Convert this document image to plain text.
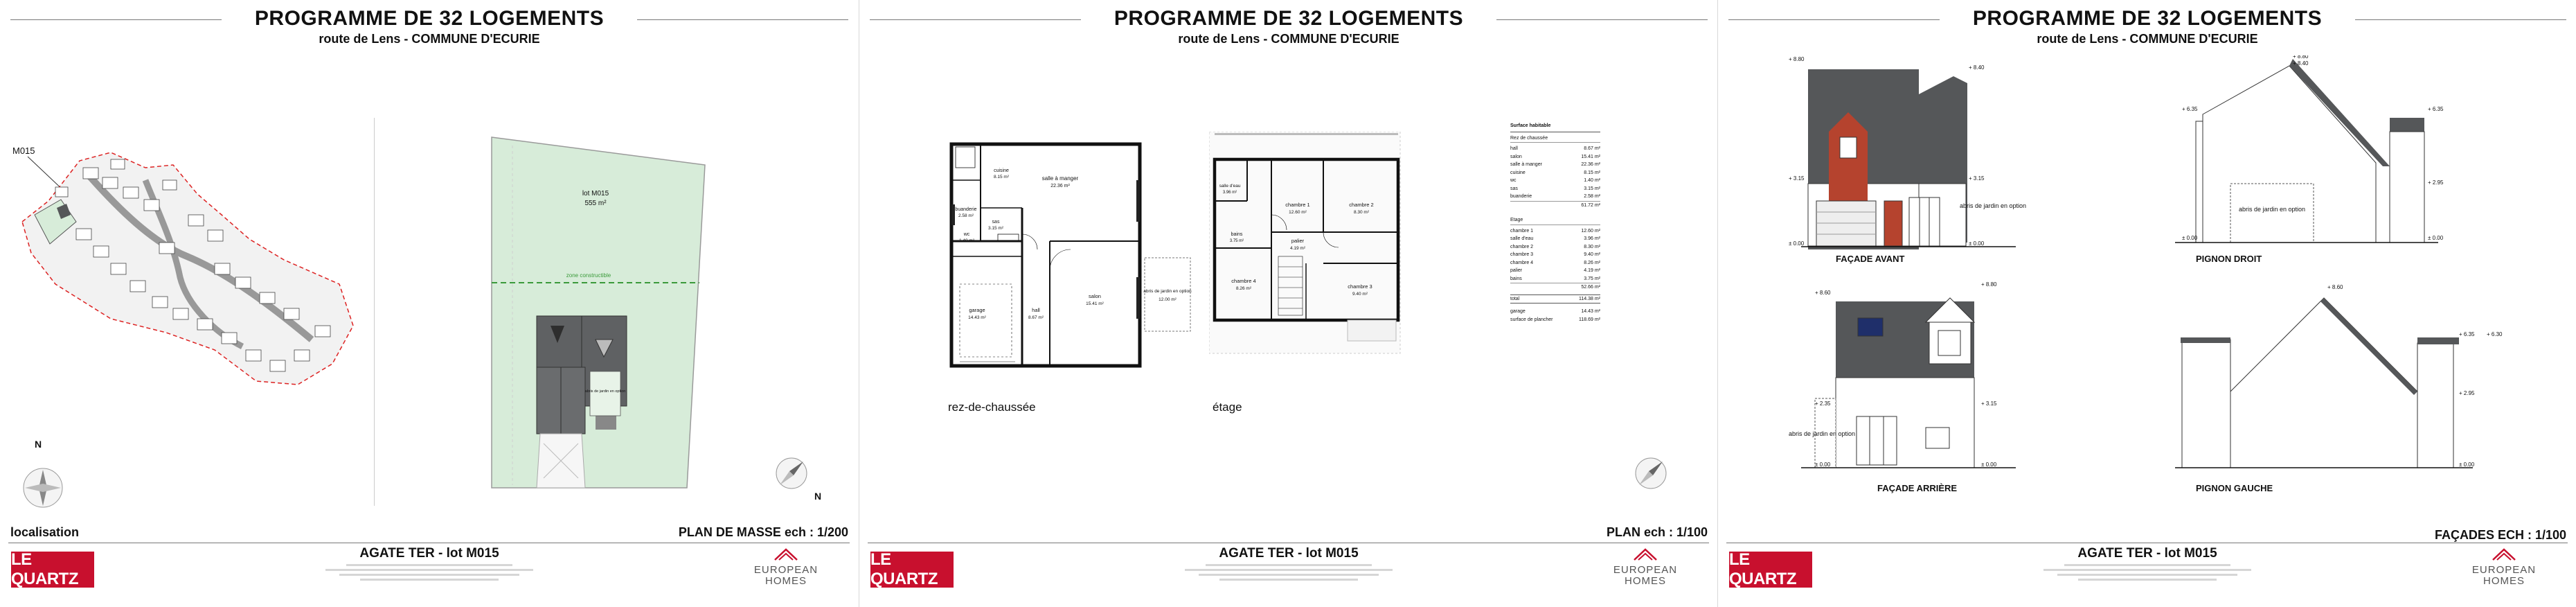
PROGRAMME DE 32 LOGEMENTS
route de Lens - COMMUNE D'ECURIE
M015
N
lot M015
555 m²
zone constructible
abris de jardin en option
N
localisation	PLAN DE MASSE ech : 1/200
LE QUARTZ
AGATE TER - lot M015
EUROPEAN
HOMES
PROGRAMME DE 32 LOGEMENTS
route de Lens - COMMUNE D'ECURIE
salle à manger
22.36 m²
cuisine
8.15 m²
buanderie
2.58 m²
sas
3.15 m²
wc
1.40 m²
garage
14.43 m²
hall
8.67 m²
salon
15.41 m²
abris de jardin en option
12.00 m²
rez-de-chaussée
salle d'eau
3.96 m²
chambre 1
12.60 m²
chambre 2
8.30 m²
bains
3.75 m²	palier
4.19 m²
chambre 4
8.26 m²	chambre 3
9.40 m²
étage
Surface habitable
Rez de chaussée
hall	8.67 m²
salon	15.41 m²
salle à manger	22.36 m²
cuisine	8.15 m²
wc	1.40 m²
sas	3.15 m²
buanderie	2.58 m²
61.72 m²
Etage
chambre 1	12.60 m²
salle d'eau	3.96 m²
chambre 2	8.30 m²
chambre 3	9.40 m²
chambre 4	8.26 m²
palier	4.19 m²
bains	3.75 m²
52.66 m²
total	114.38 m²
garage	14.43 m²
surface de plancher	118.69 m²
PLAN ech : 1/100
LE QUARTZ
AGATE TER - lot M015
EUROPEAN
HOMES
PROGRAMME DE 32 LOGEMENTS
route de Lens - COMMUNE D'ECURIE
+ 8.80
+ 8.40
+ 3.15	+ 3.15
± 0.00	± 0.00
abris de jardin en option
FAÇADE AVANT
+ 8.80
+ 8.40
+ 6.35	+ 6.35
+ 2.95
± 0.00	± 0.00
abris de jardin en option
PIGNON DROIT
+ 8.60
+ 8.80
+ 2.35	+ 3.15
± 0.00	± 0.00
abris de jardin en option
FAÇADE ARRIÈRE
+ 8.60
+ 6.35 + 6.30
+ 2.95
± 0.00
PIGNON GAUCHE
FAÇADES ECH : 1/100
LE QUARTZ
AGATE TER - lot M015
EUROPEAN
HOMES
